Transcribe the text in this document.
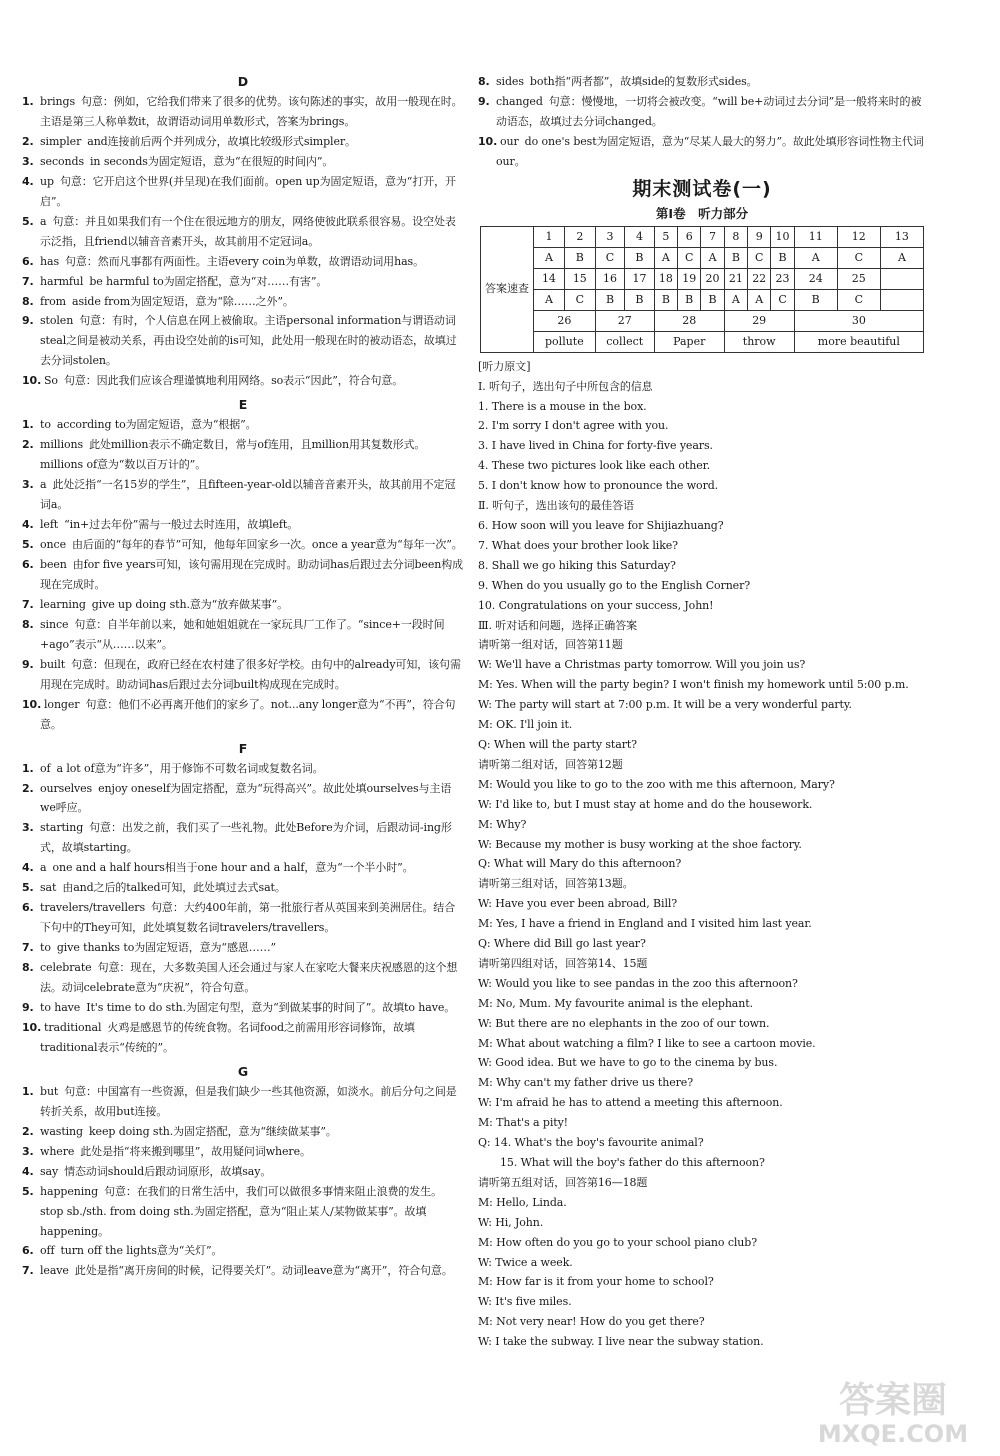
D
1. brings 句意：例如，它给我们带来了很多的优势。该句陈述的事实，故用一般现在时。主语是第三人称单数it，故谓语动词用单数形式，答案为brings。
2. simpler and连接前后两个并列成分，故填比较级形式simpler。
3. seconds in seconds为固定短语，意为“在很短的时间内”。
4. up 句意：它开启这个世界(并呈现)在我们面前。open up为固定短语，意为“打开，开启”。
5. a 句意：并且如果我们有一个住在很远地方的朋友，网络使彼此联系很容易。设空处表示泛指，且friend以辅音音素开头，故其前用不定冠词a。
6. has 句意：然而凡事都有两面性。主语every coin为单数，故谓语动词用has。
7. harmful be harmful to为固定搭配，意为“对……有害”。
8. from aside from为固定短语，意为“除……之外”。
9. stolen 句意：有时，个人信息在网上被偷取。主语personal information与谓语动词steal之间是被动关系，再由设空处前的is可知，此处用一般现在时的被动语态，故填过去分词stolen。
10. So 句意：因此我们应该合理谨慎地利用网络。so表示“因此”，符合句意。
E
1. to according to为固定短语，意为“根据”。
2. millions 此处million表示不确定数目，常与of连用，且million用其复数形式。millions of意为“数以百万计的”。
3. a 此处泛指“一名15岁的学生”，且fifteen-year-old以辅音音素开头，故其前用不定冠词a。
4. left “in+过去年份”需与一般过去时连用，故填left。
5. once 由后面的“每年的春节”可知，他每年回家乡一次。once a year意为“每年一次”。
6. been 由for five years可知，该句需用现在完成时。助动词has后跟过去分词been构成现在完成时。
7. learning give up doing sth.意为“放弃做某事”。
8. since 句意：自半年前以来，她和她姐姐就在一家玩具厂工作了。“since+一段时间+ago”表示“从……以来”。
9. built 句意：但现在，政府已经在农村建了很多好学校。由句中的already可知，该句需用现在完成时。助动词has后跟过去分词built构成现在完成时。
10. longer 句意：他们不必再离开他们的家乡了。not...any longer意为“不再”，符合句意。
F
1. of a lot of意为“许多”，用于修饰不可数名词或复数名词。
2. ourselves enjoy oneself为固定搭配，意为“玩得高兴”。故此处填ourselves与主语we呼应。
3. starting 句意：出发之前，我们买了一些礼物。此处Before为介词，后跟动词-ing形式，故填starting。
4. a one and a half hours相当于one hour and a half，意为“一个半小时”。
5. sat 由and之后的talked可知，此处填过去式sat。
6. travelers/travellers 句意：大约400年前，第一批旅行者从英国来到美洲居住。结合下句中的They可知，此处填复数名词travelers/travellers。
7. to give thanks to为固定短语，意为“感恩……”
8. celebrate 句意：现在，大多数美国人还会通过与家人在家吃大餐来庆祝感恩的这个想法。动词celebrate意为“庆祝”，符合句意。
9. to have It's time to do sth.为固定句型，意为“到做某事的时间了”。故填to have。
10. traditional 火鸡是感恩节的传统食物。名词food之前需用形容词修饰，故填traditional表示“传统的”。
G
1. but 句意：中国富有一些资源，但是我们缺少一些其他资源，如淡水。前后分句之间是转折关系，故用but连接。
2. wasting keep doing sth.为固定搭配，意为“继续做某事”。
3. where 此处是指“将来搬到哪里”，故用疑问词where。
4. say 情态动词should后跟动词原形，故填say。
5. happening 句意：在我们的日常生活中，我们可以做很多事情来阻止浪费的发生。stop sb./sth. from doing sth.为固定搭配，意为“阻止某人/某物做某事”。故填happening。
6. off turn off the lights意为“关灯”。
7. leave 此处是指“离开房间的时候，记得要关灯”。动词leave意为“离开”，符合句意。
8. sides both指“两者都”，故填side的复数形式sides。
9. changed 句意：慢慢地，一切将会被改变。“will be+动词过去分词”是一般将来时的被动语态，故填过去分词changed。
10. our do one's best为固定短语，意为“尽某人最大的努力”。故此处填形容词性物主代词our。
期末测试卷(一)
第Ⅰ卷　听力部分
答案速查	1	2	3	4	5	6	7	8	9	10	11	12	13
	A	B	C	B	A	C	A	B	C	B	A	C	A
	14	15	16	17	18	19	20	21	22	23	24	25	
	A	C	B	B	B	B	B	A	A	C	B	C	
	26		27		28			29			30		
	pollute		collect		Paper			throw			more beautiful		
[听力原文]
Ⅰ. 听句子，选出句子中所包含的信息
1. There is a mouse in the box.
2. I'm sorry I don't agree with you.
3. I have lived in China for forty-five years.
4. These two pictures look like each other.
5. I don't know how to pronounce the word.
Ⅱ. 听句子，选出该句的最佳答语
6. How soon will you leave for Shijiazhuang?
7. What does your brother look like?
8. Shall we go hiking this Saturday?
9. When do you usually go to the English Corner?
10. Congratulations on your success, John!
Ⅲ. 听对话和问题，选择正确答案
请听第一组对话，回答第11题
W: We'll have a Christmas party tomorrow. Will you join us?
M: Yes. When will the party begin? I won't finish my homework until 5:00 p.m.
W: The party will start at 7:00 p.m. It will be a very wonderful party.
M: OK. I'll join it.
Q: When will the party start?
请听第二组对话，回答第12题
M: Would you like to go to the zoo with me this afternoon, Mary?
W: I'd like to, but I must stay at home and do the housework.
M: Why?
W: Because my mother is busy working at the shoe factory.
Q: What will Mary do this afternoon?
请听第三组对话，回答第13题。
W: Have you ever been abroad, Bill?
M: Yes, I have a friend in England and I visited him last year.
Q: Where did Bill go last year?
请听第四组对话，回答第14、15题
W: Would you like to see pandas in the zoo this afternoon?
M: No, Mum. My favourite animal is the elephant.
W: But there are no elephants in the zoo of our town.
M: What about watching a film? I like to see a cartoon movie.
W: Good idea. But we have to go to the cinema by bus.
M: Why can't my father drive us there?
W: I'm afraid he has to attend a meeting this afternoon.
M: That's a pity!
Q: 14. What's the boy's favourite animal?
15. What will the boy's father do this afternoon?
请听第五组对话，回答第16—18题
M: Hello, Linda.
W: Hi, John.
M: How often do you go to your school piano club?
W: Twice a week.
M: How far is it from your home to school?
W: It's five miles.
M: Not very near! How do you get there?
W: I take the subway. I live near the subway station.
答案圈
MXQE.COM
